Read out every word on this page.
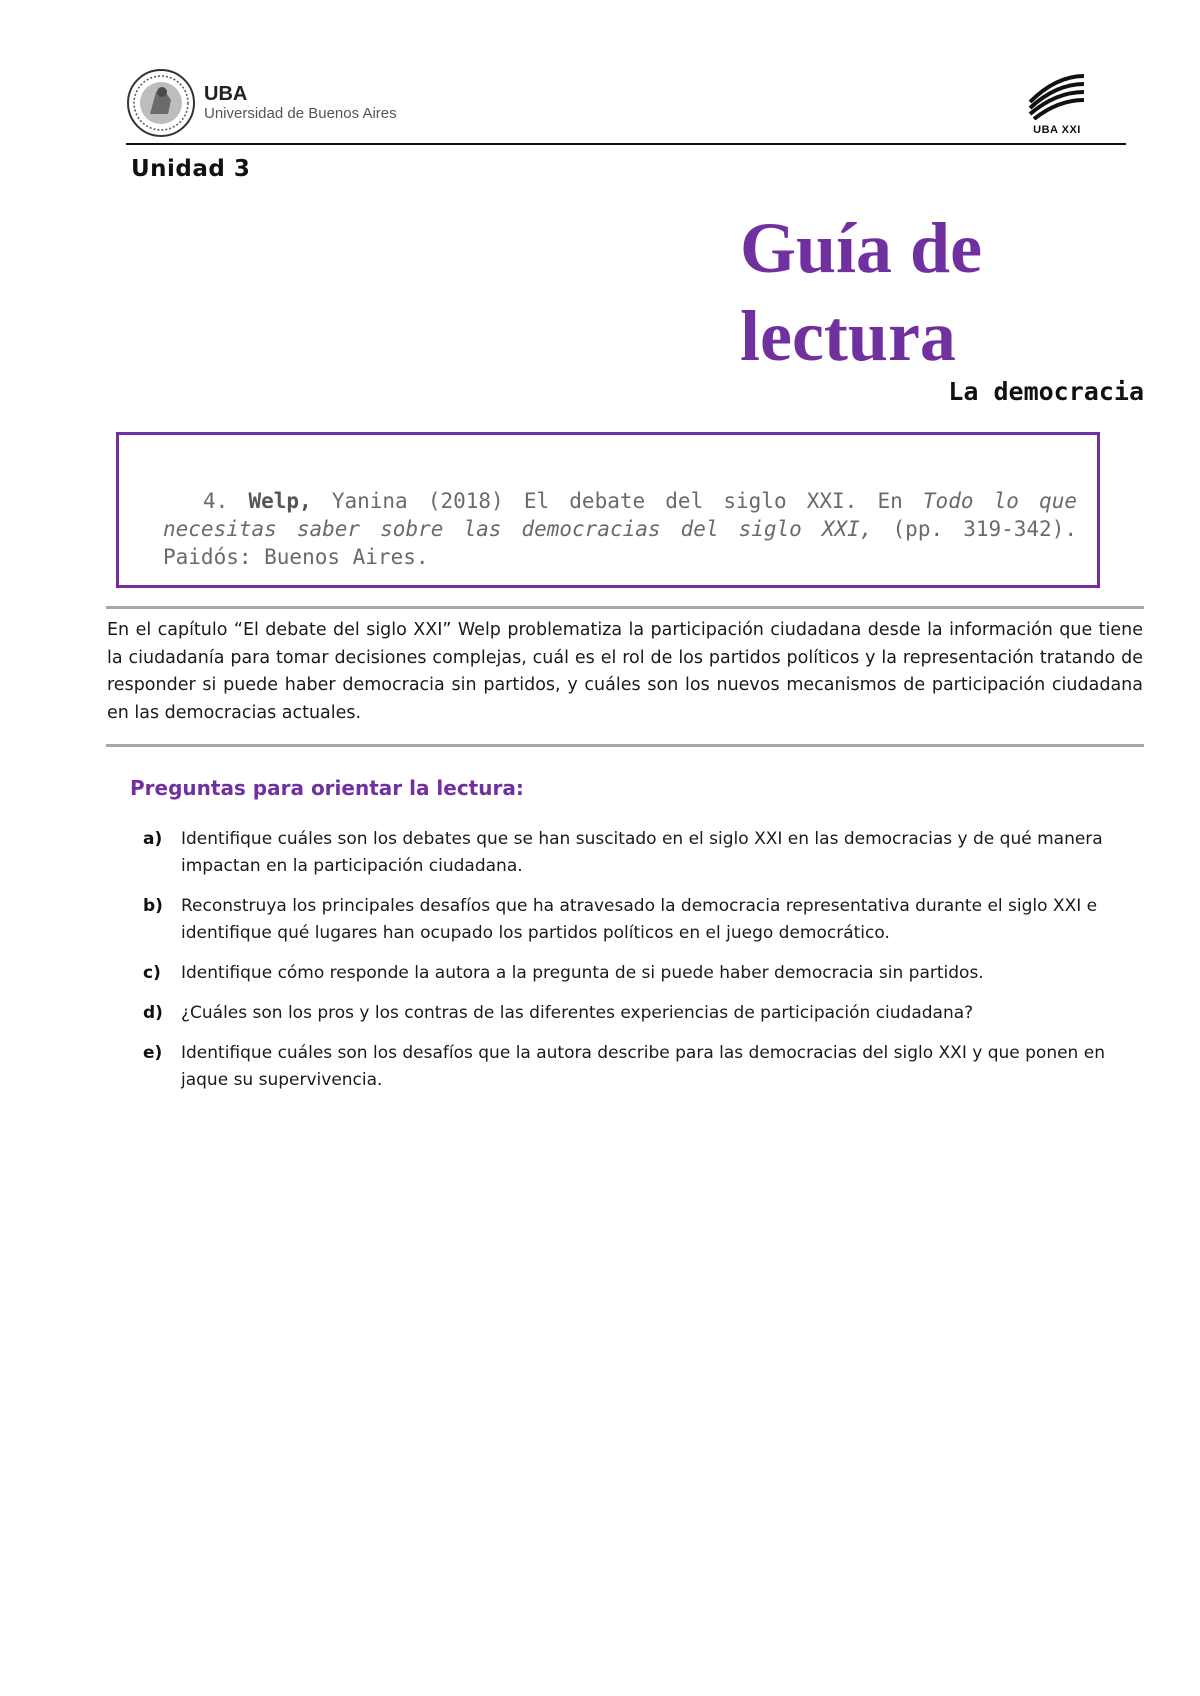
UBA
Universidad de Buenos Aires
UBA XXI
Unidad 3
Guía de
lectura
La democracia

4. Welp, Yanina (2018) El debate del siglo XXI. En Todo lo que necesitas saber sobre las democracias del siglo XXI, (pp. 319-342). Paidós: Buenos Aires.

En el capítulo “El debate del siglo XXI” Welp problematiza la participación ciudadana desde la información que tiene la ciudadanía para tomar decisiones complejas, cuál es el rol de los partidos políticos y la representación tratando de responder si puede haber democracia sin partidos, y cuáles son los nuevos mecanismos de participación ciudadana en las democracias actuales.

Preguntas para orientar la lectura:
a)	Identifique cuáles son los debates que se han suscitado en el siglo XXI en las democracias y de qué manera impactan en la participación ciudadana.
b)	Reconstruya los principales desafíos que ha atravesado la democracia representativa durante el siglo XXI e identifique qué lugares han ocupado los partidos políticos en el juego democrático.
c)	Identifique cómo responde la autora a la pregunta de si puede haber democracia sin partidos.
d)	¿Cuáles son los pros y los contras de las diferentes experiencias de participación ciudadana?
e)	Identifique cuáles son los desafíos que la autora describe para las democracias del siglo XXI y que ponen en jaque su supervivencia.
